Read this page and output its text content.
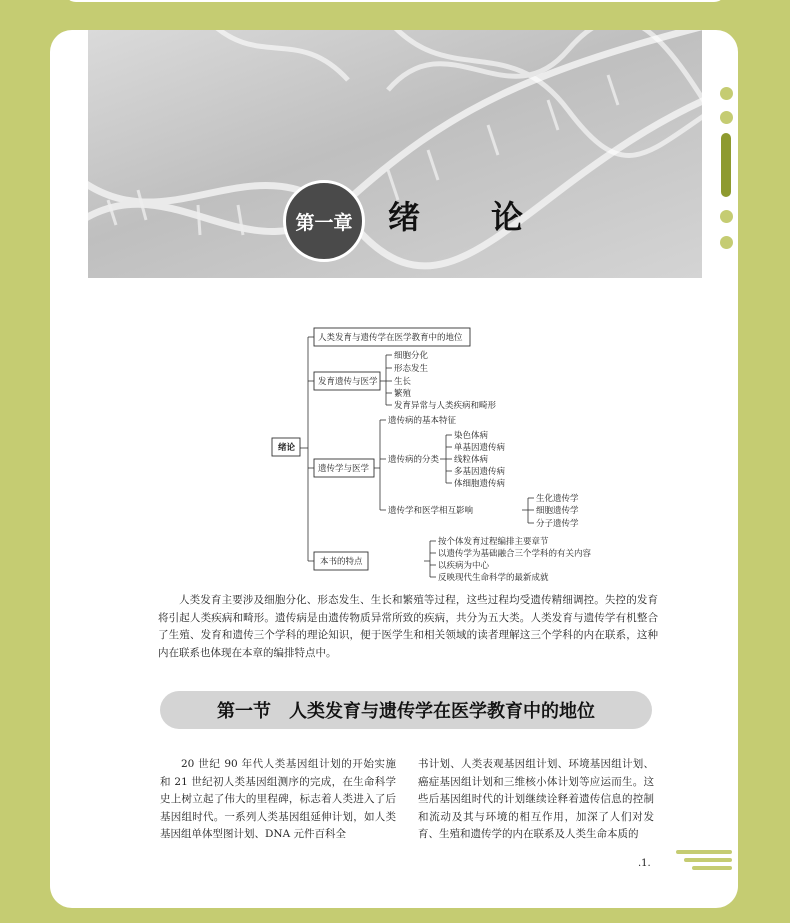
第一章	绪 论
绪论
人类发育与遗传学在医学教育中的地位
发育遗传与医学
细胞分化
形态发生
生长
繁殖
发育异常与人类疾病和畸形
遗传学与医学
遗传病的基本特征
遗传病的分类
染色体病
单基因遗传病
线粒体病
多基因遗传病
体细胞遗传病
遗传学和医学相互影响
生化遗传学
细胞遗传学
分子遗传学
本书的特点
按个体发育过程编排主要章节
以遗传学为基础融合三个学科的有关内容
以疾病为中心
反映现代生命科学的最新成就
人类发育主要涉及细胞分化、形态发生、生长和繁殖等过程，这些过程均受遗传精细调控。失控的发育将引起人类疾病和畸形。遗传病是由遗传物质异常所致的疾病，共分为五大类。人类发育与遗传学有机整合了生殖、发育和遗传三个学科的理论知识，便于医学生和相关领域的读者理解这三个学科的内在联系，这种内在联系也体现在本章的编排特点中。
第一节　人类发育与遗传学在医学教育中的地位
20 世纪 90 年代人类基因组计划的开始实施和 21 世纪初人类基因组测序的完成，在生命科学史上树立起了伟大的里程碑，标志着人类进入了后基因组时代。一系列人类基因组延伸计划，如人类基因组单体型图计划、DNA 元件百科全
书计划、人类表观基因组计划、环境基因组计划、癌症基因组计划和三维核小体计划等应运而生。这些后基因组时代的计划继续诠释着遗传信息的控制和流动及其与环境的相互作用，加深了人们对发育、生殖和遗传学的内在联系及人类生命本质的
.1.
